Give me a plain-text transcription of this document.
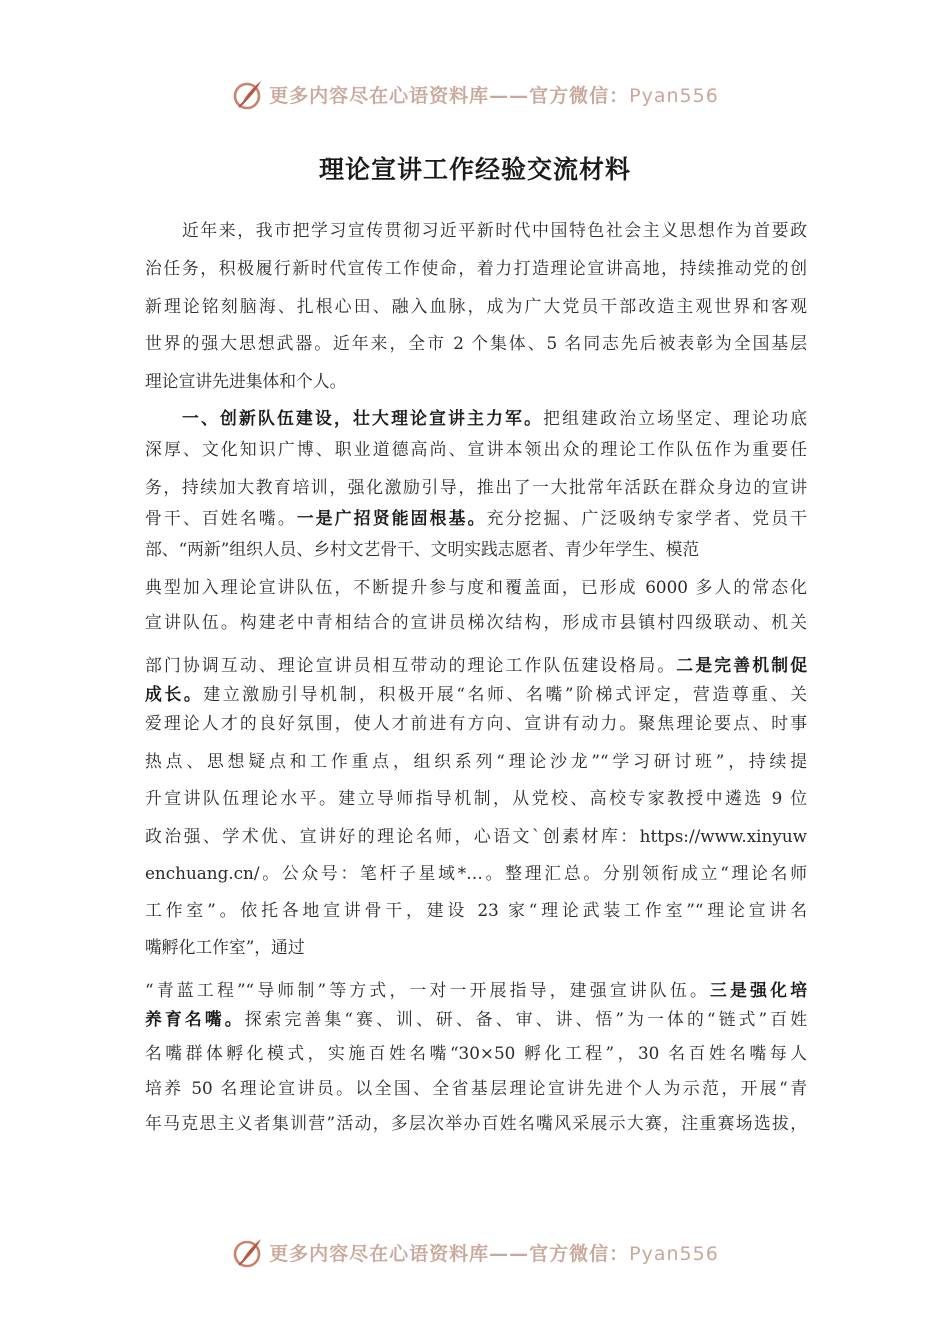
更多内容尽在心语资料库——官方微信：Pyan556
理论宣讲工作经验交流材料
近年来，我市把学习宣传贯彻习近平新时代中国特色社会主义思想作为首要政
治任务，积极履行新时代宣传工作使命，着力打造理论宣讲高地，持续推动党的创
新理论铭刻脑海、扎根心田、融入血脉，成为广大党员干部改造主观世界和客观
世界的强大思想武器。近年来，全市 2 个集体、5 名同志先后被表彰为全国基层
理论宣讲先进集体和个人。
一、创新队伍建设，壮大理论宣讲主力军。把组建政治立场坚定、理论功底
深厚、文化知识广博、职业道德高尚、宣讲本领出众的理论工作队伍作为重要任
务，持续加大教育培训，强化激励引导，推出了一大批常年活跃在群众身边的宣讲
骨干、百姓名嘴。一是广招贤能固根基。充分挖掘、广泛吸纳专家学者、党员干
部、“两新”组织人员、乡村文艺骨干、文明实践志愿者、青少年学生、模范
典型加入理论宣讲队伍，不断提升参与度和覆盖面，已形成 6000 多人的常态化
宣讲队伍。构建老中青相结合的宣讲员梯次结构，形成市县镇村四级联动、机关
部门协调互动、理论宣讲员相互带动的理论工作队伍建设格局。二是完善机制促
成长。建立激励引导机制，积极开展“名师、名嘴”阶梯式评定，营造尊重、关
爱理论人才的良好氛围，使人才前进有方向、宣讲有动力。聚焦理论要点、时事
热点、思想疑点和工作重点，组织系列“理论沙龙”“学习研讨班”，持续提
升宣讲队伍理论水平。建立导师指导机制，从党校、高校专家教授中遴选 9 位
政治强、学术优、宣讲好的理论名师，心语文`创素材库：https://www.xinyuw
enchuang.cn/。公众号：笔杆子星域*…。整理汇总。分别领衔成立“理论名师
工作室”。依托各地宣讲骨干，建设 23 家“理论武装工作室”“理论宣讲名
嘴孵化工作室”，通过
“青蓝工程”“导师制”等方式，一对一开展指导，建强宣讲队伍。三是强化培
养育名嘴。探索完善集“赛、训、研、备、审、讲、悟”为一体的“链式”百姓
名嘴群体孵化模式，实施百姓名嘴“30×50 孵化工程”，30 名百姓名嘴每人
培养 50 名理论宣讲员。以全国、全省基层理论宣讲先进个人为示范，开展“青
年马克思主义者集训营”活动，多层次举办百姓名嘴风采展示大赛，注重赛场选拔，
更多内容尽在心语资料库——官方微信：Pyan556
